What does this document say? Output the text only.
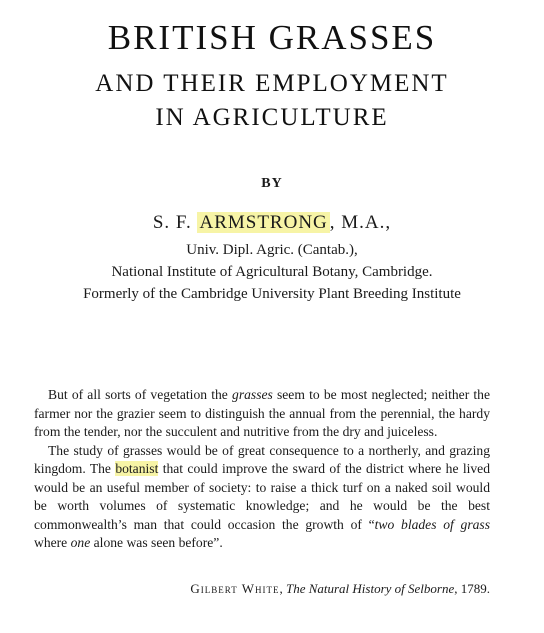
BRITISH GRASSES
AND THEIR EMPLOYMENT
IN AGRICULTURE
BY
S. F. ARMSTRONG , M.A.,
Univ. Dipl. Agric. (Cantab.),
National Institute of Agricultural Botany, Cambridge.
Formerly of the Cambridge University Plant Breeding Institute

But of all sorts of vegetation the grasses seem to be most neglected; neither the farmer nor the grazier seem to distinguish the annual from the perennial, the hardy from the tender, nor the succulent and nutritive from the dry and juiceless.

The study of grasses would be of great consequence to a northerly, and grazing kingdom. The botanist that could improve the sward of the district where he lived would be an useful member of society: to raise a thick turf on a naked soil would be worth volumes of systematic knowledge; and he would be the best commonwealth’s man that could occasion the growth of “two blades of grass where one alone was seen before”.

Gilbert White, The Natural History of Selborne, 1789.
